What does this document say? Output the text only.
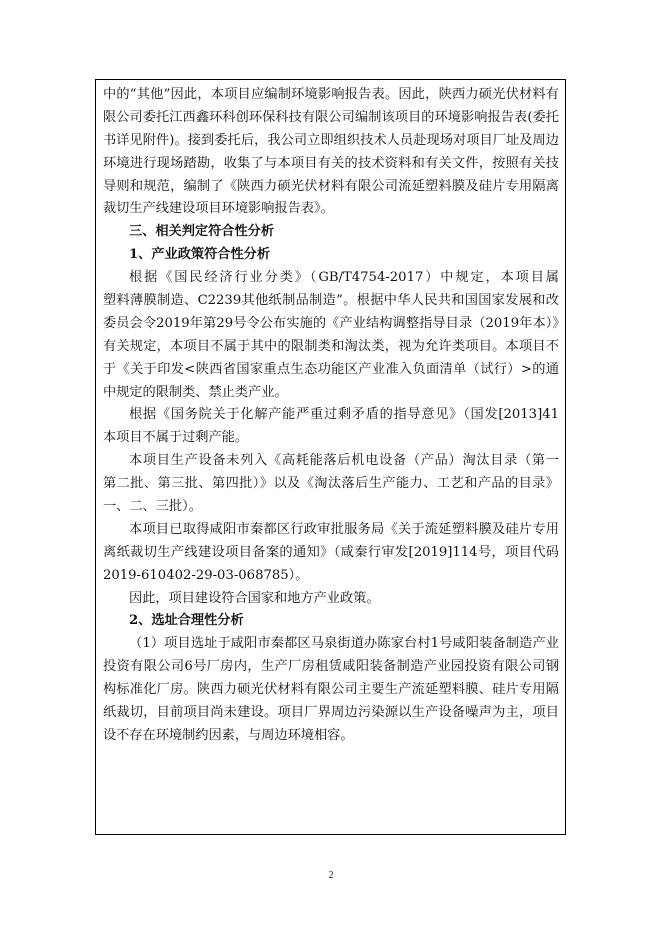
中的“其他”因此，本项目应编制环境影响报告表。因此，陕西力硕光伏材料有
限公司委托江西鑫环科创环保科技有限公司编制该项目的环境影响报告表(委托
书详见附件)。接到委托后，我公司立即组织技术人员赴现场对项目厂址及周边
环境进行现场踏勘，收集了与本项目有关的技术资料和有关文件，按照有关技
导则和规范，编制了《陕西力硕光伏材料有限公司流延塑料膜及硅片专用隔离
裁切生产线建设项目环境影响报告表》。
三、相关判定符合性分析
1、产业政策符合性分析
根据《国民经济行业分类》（GB/T4754-2017）中规定，本项目属
塑料薄膜制造、C2239其他纸制品制造”。根据中华人民共和国国家发展和改
委员会令2019年第29号令公布实施的《产业结构调整指导目录（2019年本）》
有关规定，本项目不属于其中的限制类和淘汰类，视为允许类项目。本项目不
于《关于印发<陕西省国家重点生态功能区产业准入负面清单（试行）>的通
中规定的限制类、禁止类产业。
根据《国务院关于化解产能严重过剩矛盾的指导意见》（国发[2013]41
本项目不属于过剩产能。
本项目生产设备未列入《高耗能落后机电设备（产品）淘汰目录（第一
第二批、第三批、第四批）》以及《淘汰落后生产能力、工艺和产品的目录》
一、二、三批）。
本项目已取得咸阳市秦都区行政审批服务局《关于流延塑料膜及硅片专用
离纸裁切生产线建设项目备案的通知》（咸秦行审发[2019]114号，项目代码
2019-610402-29-03-068785）。
因此，项目建设符合国家和地方产业政策。
2、选址合理性分析
（1）项目选址于咸阳市秦都区马泉街道办陈家台村1号咸阳装备制造产业
投资有限公司6号厂房内，生产厂房租赁咸阳装备制造产业园投资有限公司钢
构标准化厂房。陕西力硕光伏材料有限公司主要生产流延塑料膜、硅片专用隔
纸裁切，目前项目尚未建设。项目厂界周边污染源以生产设备噪声为主，项目
设不存在环境制约因素，与周边环境相容。
2
